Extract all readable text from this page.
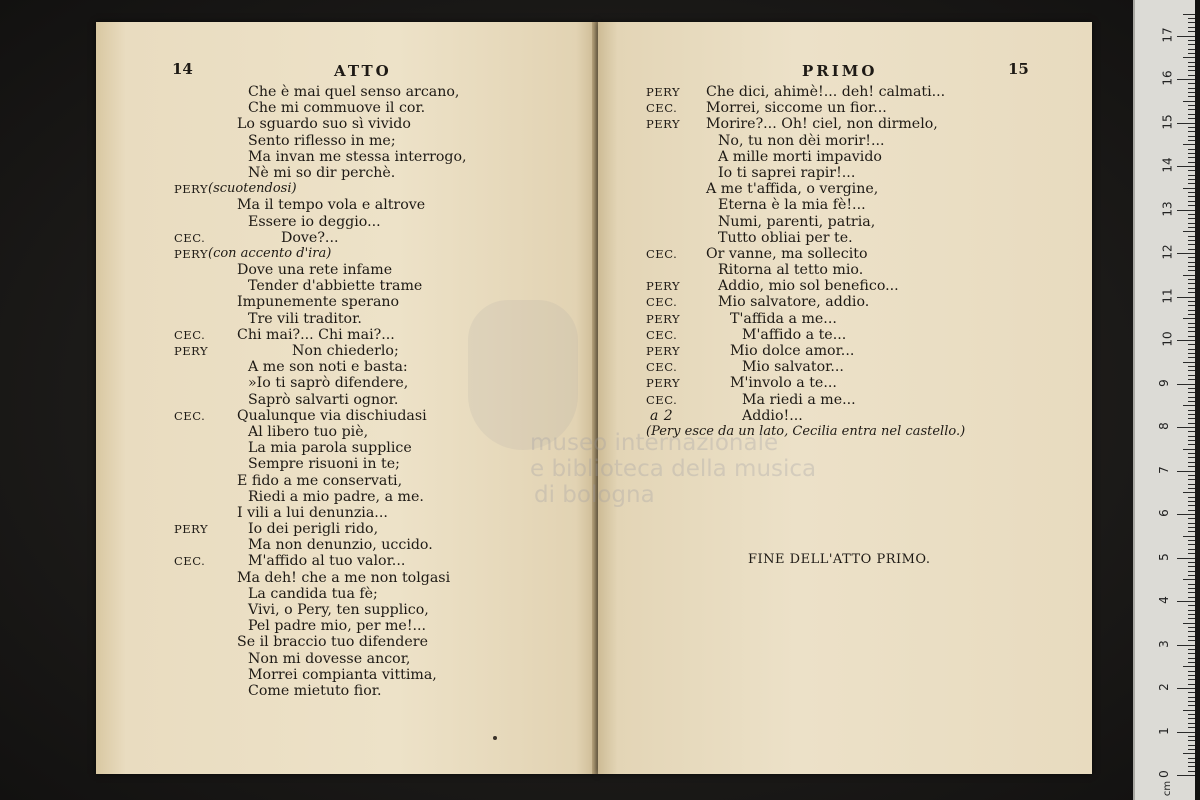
14	ATTO
Che è mai quel senso arcano,
Che mi commuove il cor.
Lo sguardo suo sì vivido
Sento riflesso in me;
Ma invan me stessa interrogo,
Nè mi so dir perchè.
PERY (scuotendosi)
Ma il tempo vola e altrove
Essere io deggio...
CEC.	Dove?...
PERY (con accento d'ira)
Dove una rete infame
Tender d'abbiette trame
Impunemente sperano
Tre vili traditor.
CEC. Chi mai?... Chi mai?...
PERY	Non chiederlo;
A me son noti e basta:
»Io ti saprò difendere,
Saprò salvarti ognor.
CEC. Qualunque via dischiudasi
Al libero tuo piè,
La mia parola supplice
Sempre risuoni in te;
E fido a me conservati,
Riedi a mio padre, a me.
I vili a lui denunzia...
PERY	Io dei perigli rido,
Ma non denunzio, uccido.
CEC.	M'affido al tuo valor...
Ma deh! che a me non tolgasi
La candida tua fè;
Vivi, o Pery, ten supplico,
Pel padre mio, per me!...
Se il braccio tuo difendere
Non mi dovesse ancor,
Morrei compianta vittima,
Come mietuto fior.
PRIMO	15
PERY Che dici, ahimè!... deh! calmati...
CEC. Morrei, siccome un fior...
PERY Morire?... Oh! ciel, non dirmelo,
No, tu non dèi morir!...
A mille morti impavido
Io ti saprei rapir!...
A me t'affida, o vergine,
Eterna è la mia fè!...
Numi, parenti, patria,
Tutto obliai per te.
CEC. Or vanne, ma sollecito
Ritorna al tetto mio.
PERY	Addio, mio sol benefico...
CEC.	Mio salvatore, addio.
PERY	T'affida a me...
CEC.	M'affido a te...
PERY	Mio dolce amor...
CEC.	Mio salvator...
PERY	M'involo a te...
CEC.	Ma riedi a me...
a 2	Addio!...
(Pery esce da un lato, Cecilia entra nel castello.)
FINE DELL'ATTO PRIMO.
museo internazionale
e biblioteca della musica
di bologna
0
1
2
3
4
5
6
7
8
9
10
11
12
13
14
15
16
17
cm
